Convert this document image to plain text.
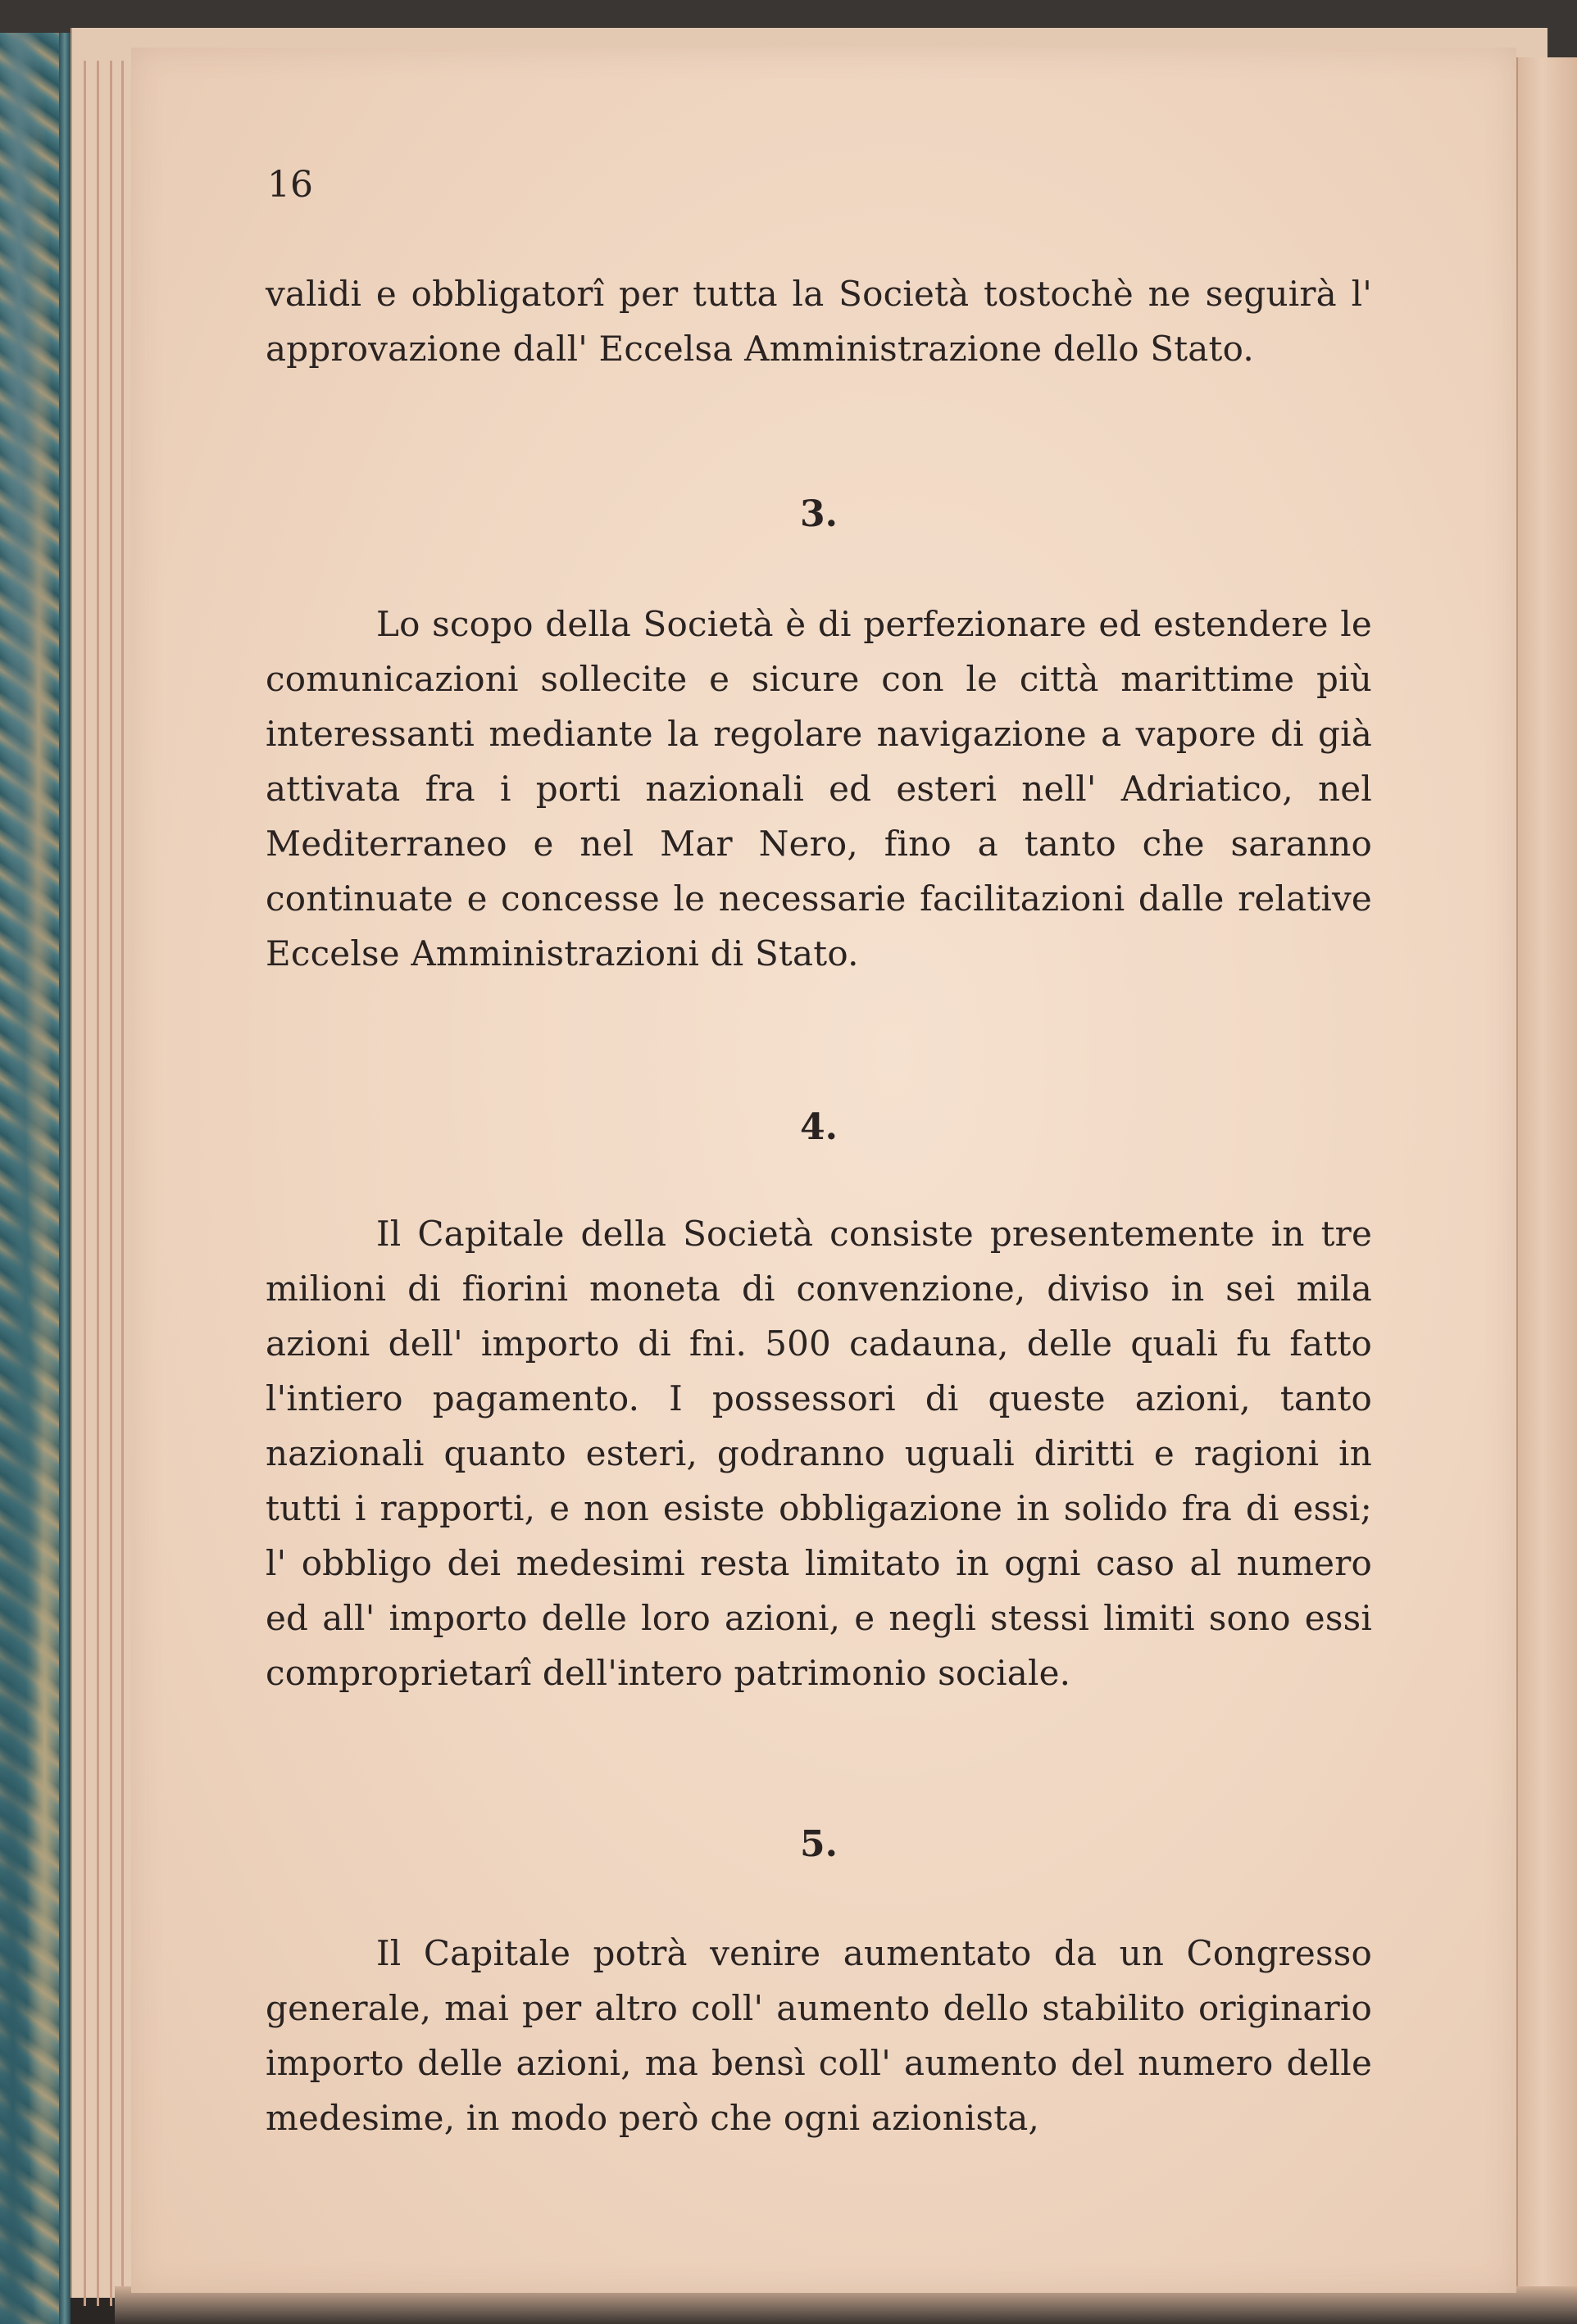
16
validi e obbligatorî per tutta la Società tostochè ne seguirà l' approvazione dall' Eccelsa Amministrazione dello Stato.
3.
Lo scopo della Società è di perfezionare ed estendere le comunicazioni sollecite e sicure con le città marittime più interessanti mediante la regolare navigazione a vapore di già attivata fra i porti nazionali ed esteri nell' Adriatico, nel Mediterraneo e nel Mar Nero, fino a tanto che saranno continuate e concesse le necessarie facilitazioni dalle relative Eccelse Amministrazioni di Stato.
4.
Il Capitale della Società consiste presentemente in tre milioni di fiorini moneta di convenzione, diviso in sei mila azioni dell' importo di fni. 500 cadauna, delle quali fu fatto l'intiero pagamento. I possessori di queste azioni, tanto nazionali quanto esteri, godranno uguali diritti e ragioni in tutti i rapporti, e non esiste obbligazione in solido fra di essi; l' obbligo dei medesimi resta limitato in ogni caso al numero ed all' importo delle loro azioni, e negli stessi limiti sono essi comproprietarî dell'intero patrimonio sociale.
5.
Il Capitale potrà venire aumentato da un Congresso generale, mai per altro coll' aumento dello stabilito originario importo delle azioni, ma bensì coll' aumento del numero delle medesime, in modo però che ogni azionista,
